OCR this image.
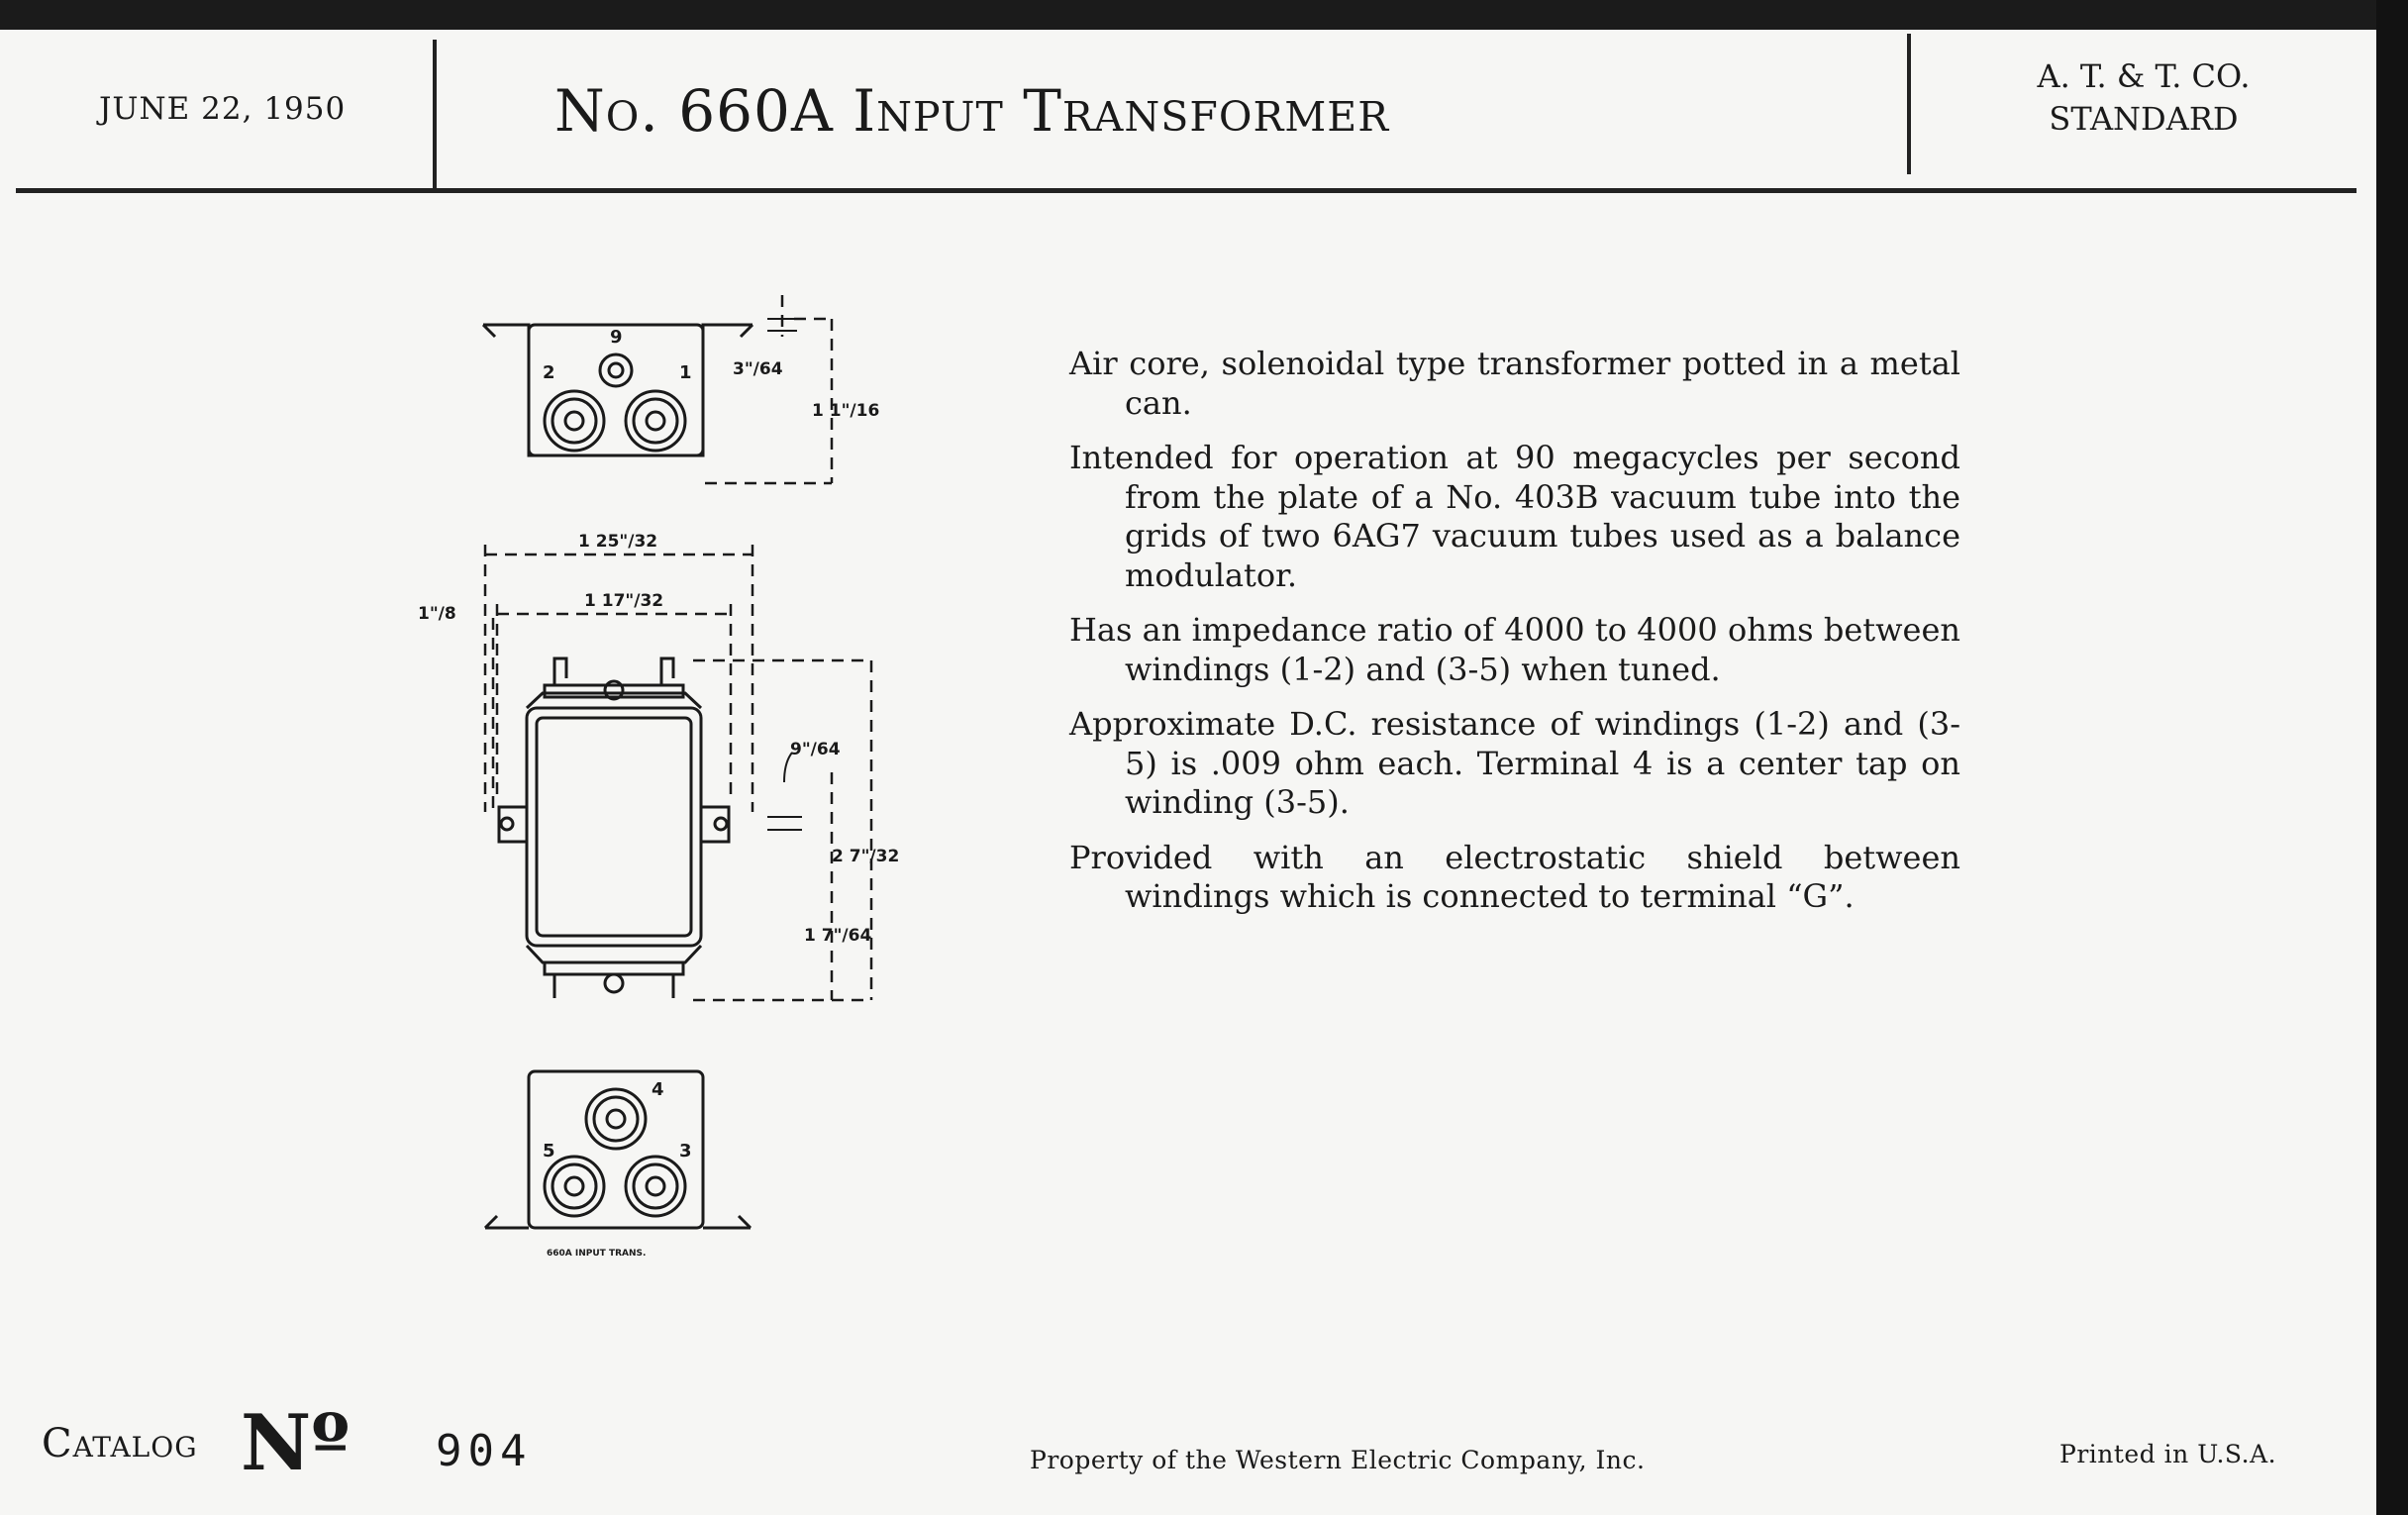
JUNE 22, 1950	No. 660A Input Transformer
A. T. & T. CO.
STANDARD
9
2	1 3"/64
1 1"/16
1 25"/32
1 17"/32
1"/8
9"/64
2 7"/32
1 7"/64
4
5	3
660A INPUT TRANS.

Air core, solenoidal type transformer potted in a metal can.

Intended for operation at 90 megacycles per second from the plate of a No. 403B vacuum tube into the grids of two 6AG7 vacuum tubes used as a balance modulator.

Has an impedance ratio of 4000 to 4000 ohms between windings (1-2) and (3-5) when tuned.

Approximate D.C. resistance of windings (1-2) and (3-5) is .009 ohm each. Terminal 4 is a center tap on winding (3-5).

Provided with an electrostatic shield between windings which is connected to terminal “G”.

Catalog Nº 904	Property of the Western Electric Company, Inc.	Printed in U.S.A.
